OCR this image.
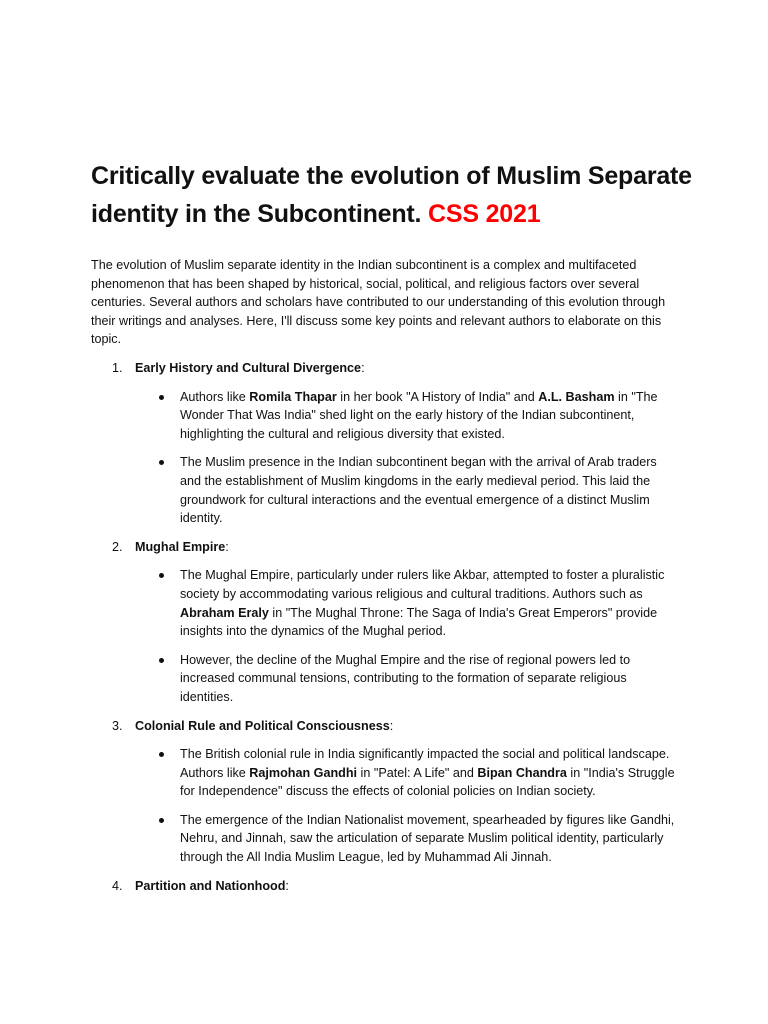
Critically evaluate the evolution of Muslim Separate identity in the Subcontinent. CSS 2021

The evolution of Muslim separate identity in the Indian subcontinent is a complex and multifaceted phenomenon that has been shaped by historical, social, political, and religious factors over several centuries. Several authors and scholars have contributed to our understanding of this evolution through their writings and analyses. Here, I'll discuss some key points and relevant authors to elaborate on this topic.

1. Early History and Cultural Divergence:
Authors like Romila Thapar in her book "A History of India" and A.L. Basham in "The Wonder That Was India" shed light on the early history of the Indian subcontinent, highlighting the cultural and religious diversity that existed.
The Muslim presence in the Indian subcontinent began with the arrival of Arab traders and the establishment of Muslim kingdoms in the early medieval period. This laid the groundwork for cultural interactions and the eventual emergence of a distinct Muslim identity.
2. Mughal Empire:
The Mughal Empire, particularly under rulers like Akbar, attempted to foster a pluralistic society by accommodating various religious and cultural traditions. Authors such as Abraham Eraly in "The Mughal Throne: The Saga of India's Great Emperors" provide insights into the dynamics of the Mughal period.
However, the decline of the Mughal Empire and the rise of regional powers led to increased communal tensions, contributing to the formation of separate religious identities.
3. Colonial Rule and Political Consciousness:
The British colonial rule in India significantly impacted the social and political landscape. Authors like Rajmohan Gandhi in "Patel: A Life" and Bipan Chandra in "India's Struggle for Independence" discuss the effects of colonial policies on Indian society.
The emergence of the Indian Nationalist movement, spearheaded by figures like Gandhi, Nehru, and Jinnah, saw the articulation of separate Muslim political identity, particularly through the All India Muslim League, led by Muhammad Ali Jinnah.
4. Partition and Nationhood:
